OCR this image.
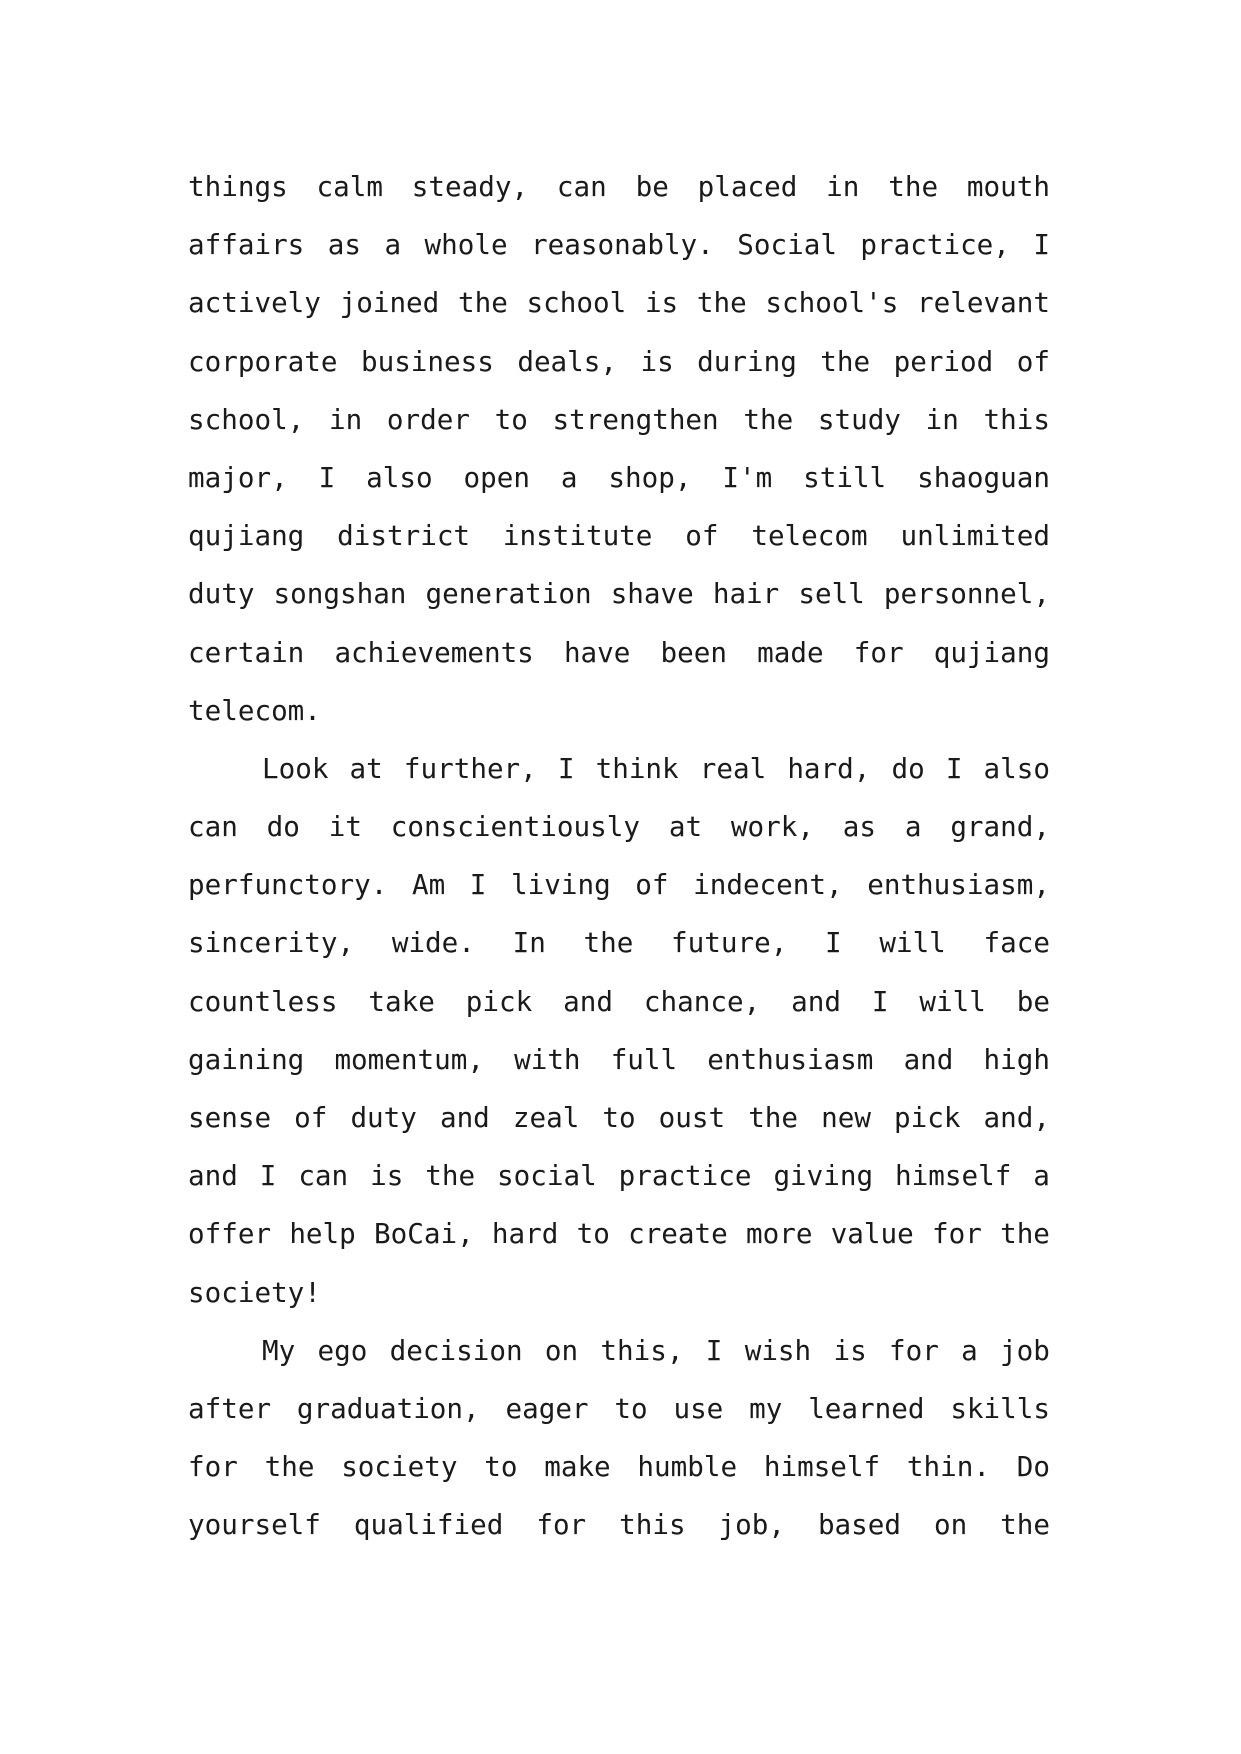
things calm steady, can be placed in the mouth
affairs as a whole reasonably. Social practice, I
actively joined the school is the school's relevant
corporate business deals, is during the period of
school, in order to strengthen the study in this
major, I also open a shop, I'm still shaoguan
qujiang district institute of telecom unlimited
duty songshan generation shave hair sell personnel,
certain achievements have been made for qujiang
telecom.
Look at further, I think real hard, do I also
can do it conscientiously at work, as a grand,
perfunctory. Am I living of indecent, enthusiasm,
sincerity, wide. In the future, I will face
countless take pick and chance, and I will be
gaining momentum, with full enthusiasm and high
sense of duty and zeal to oust the new pick and,
and I can is the social practice giving himself a
offer help BoCai, hard to create more value for the
society!
My ego decision on this, I wish is for a job
after graduation, eager to use my learned skills
for the society to make humble himself thin. Do
yourself qualified for this job, based on the
